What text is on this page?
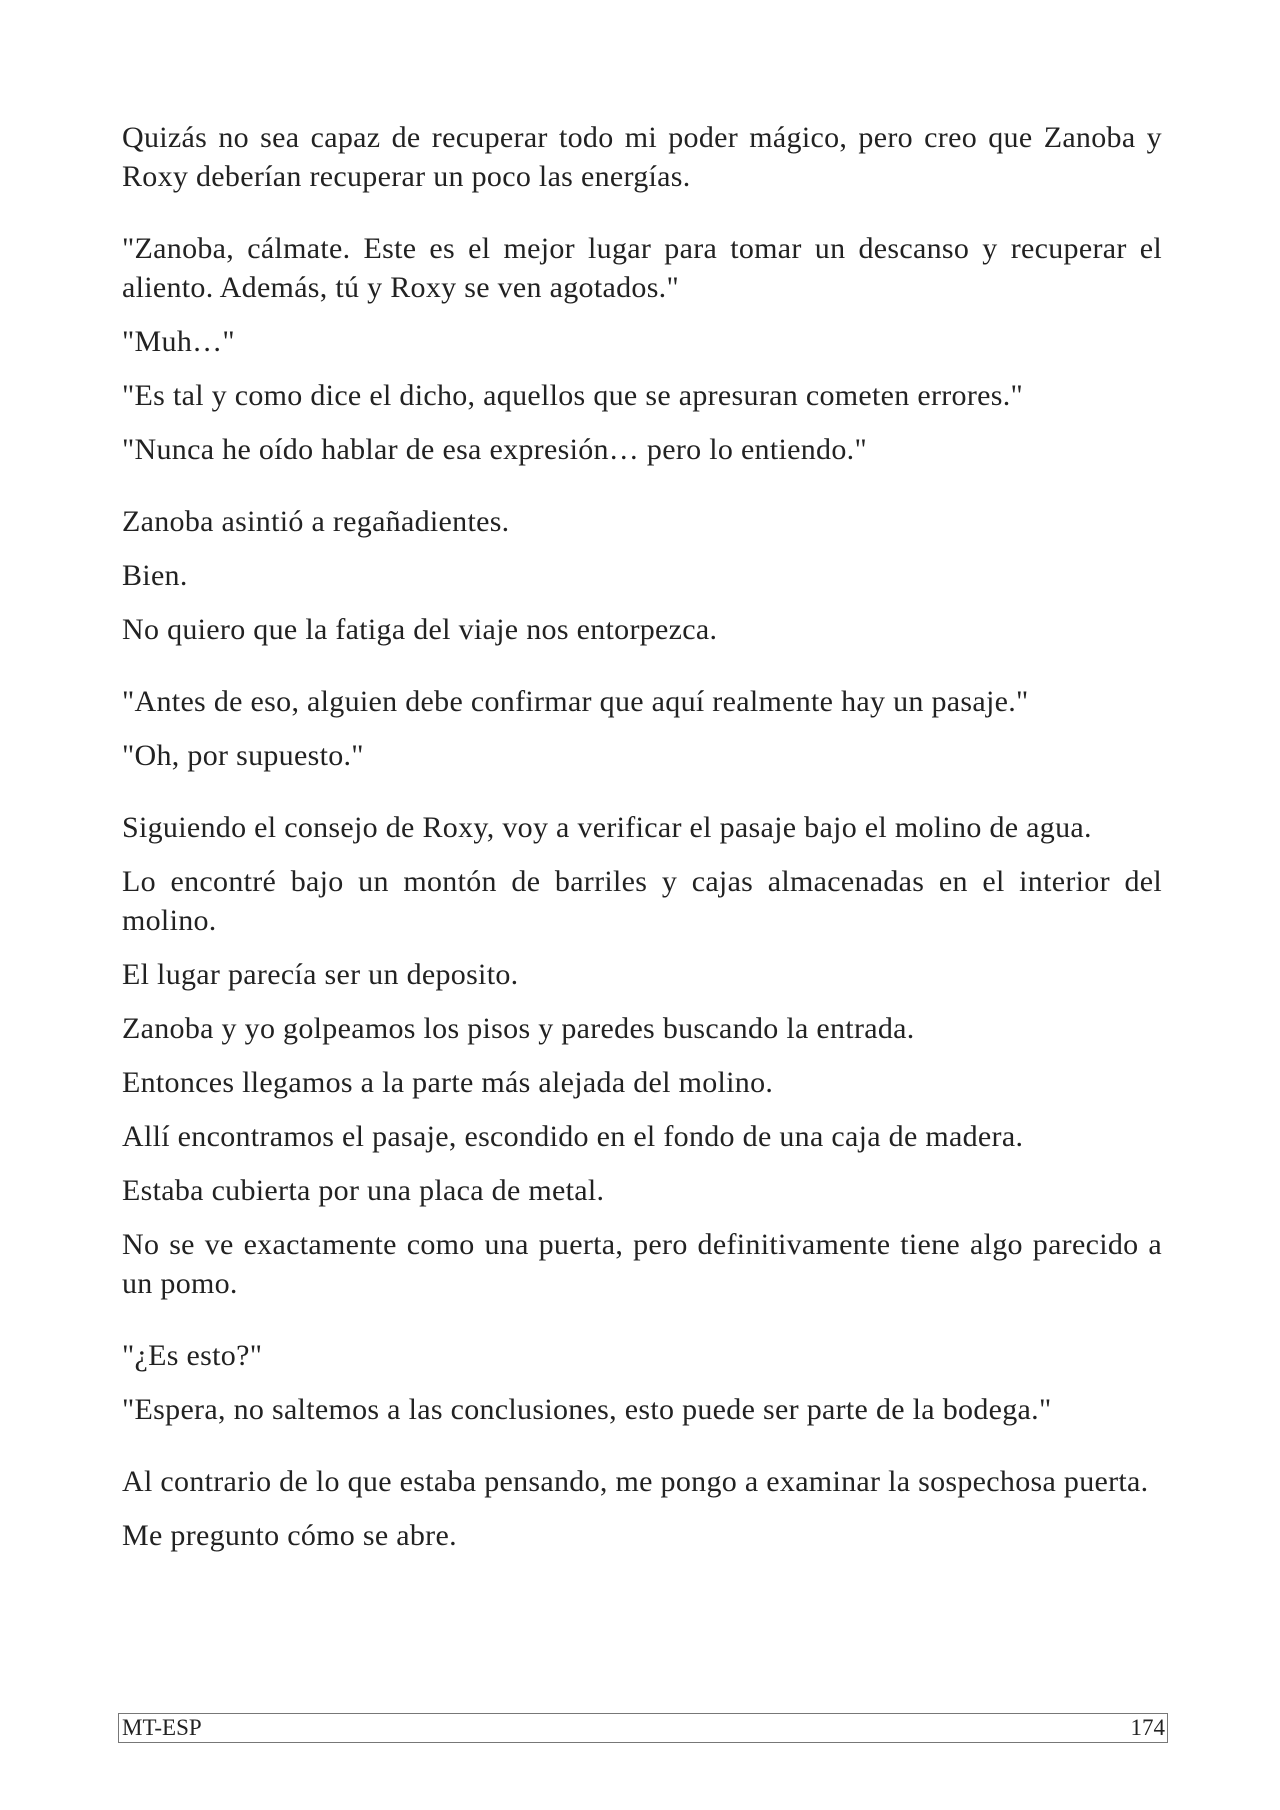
Quizás no sea capaz de recuperar todo mi poder mágico, pero creo que Zanoba y Roxy deberían recuperar un poco las energías.

"Zanoba, cálmate. Este es el mejor lugar para tomar un descanso y recuperar el aliento. Además, tú y Roxy se ven agotados."

"Muh…"

"Es tal y como dice el dicho, aquellos que se apresuran cometen errores."

"Nunca he oído hablar de esa expresión… pero lo entiendo."

Zanoba asintió a regañadientes.

Bien.

No quiero que la fatiga del viaje nos entorpezca.

"Antes de eso, alguien debe confirmar que aquí realmente hay un pasaje."

"Oh, por supuesto."

Siguiendo el consejo de Roxy, voy a verificar el pasaje bajo el molino de agua.

Lo encontré bajo un montón de barriles y cajas almacenadas en el interior del molino.

El lugar parecía ser un deposito.

Zanoba y yo golpeamos los pisos y paredes buscando la entrada.

Entonces llegamos a la parte más alejada del molino.

Allí encontramos el pasaje, escondido en el fondo de una caja de madera.

Estaba cubierta por una placa de metal.

No se ve exactamente como una puerta, pero definitivamente tiene algo parecido a un pomo.

"¿Es esto?"

"Espera, no saltemos a las conclusiones, esto puede ser parte de la bodega."

Al contrario de lo que estaba pensando, me pongo a examinar la sospechosa puerta.

Me pregunto cómo se abre.

MT-ESP	174
